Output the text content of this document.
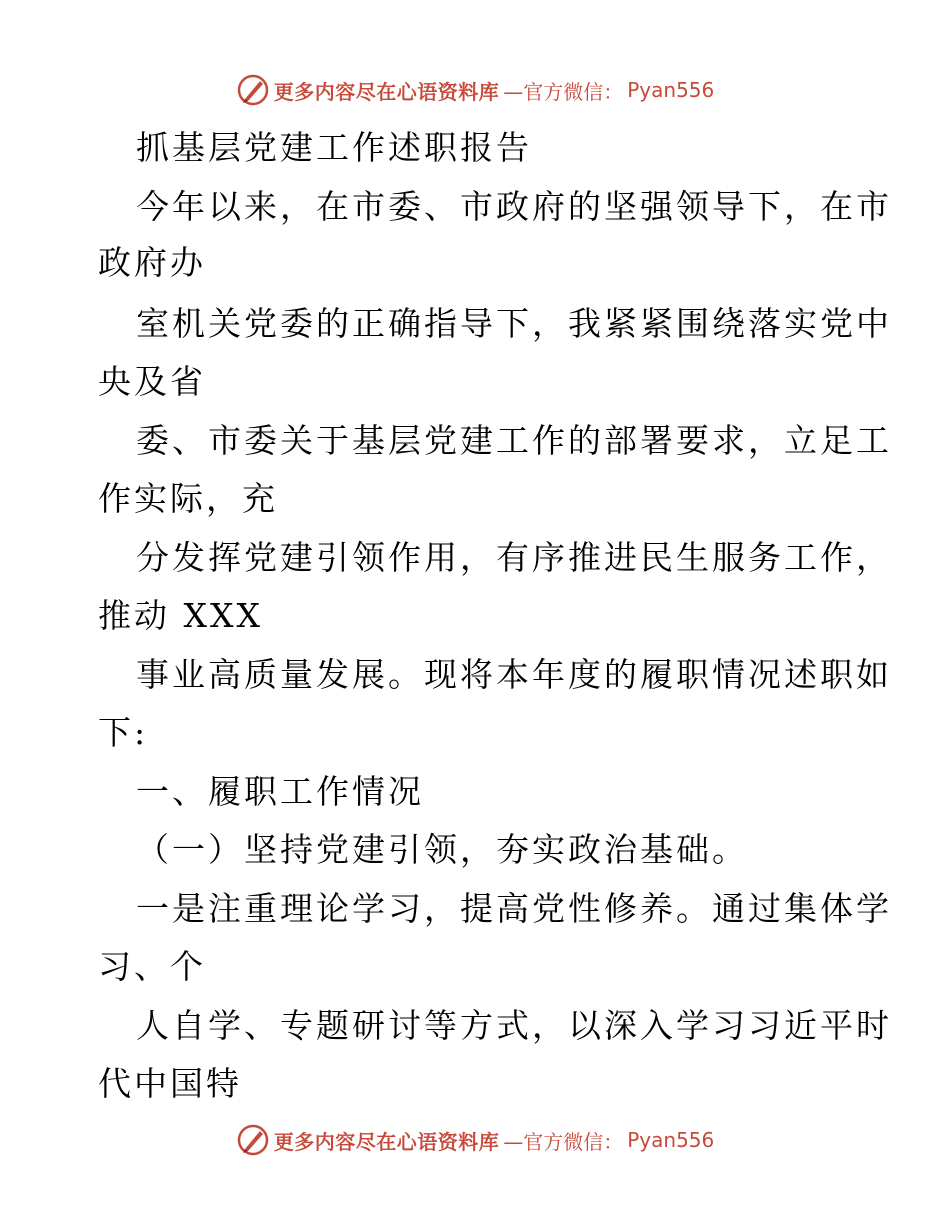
更多内容尽在心语资料库 —官方微信： Pyan556
抓基层党建工作述职报告
今年以来，在市委、市政府的坚强领导下，在市
政府办
室机关党委的正确指导下，我紧紧围绕落实党中
央及省
委、市委关于基层党建工作的部署要求，立足工
作实际，充
分发挥党建引领作用，有序推进民生服务工作，
推动 XXX
事业高质量发展。现将本年度的履职情况述职如
下:
一、履职工作情况
（一）坚持党建引领，夯实政治基础。
一是注重理论学习，提高党性修养。通过集体学
习、个
人自学、专题研讨等方式，以深入学习习近平时
代中国特
更多内容尽在心语资料库 —官方微信： Pyan556
